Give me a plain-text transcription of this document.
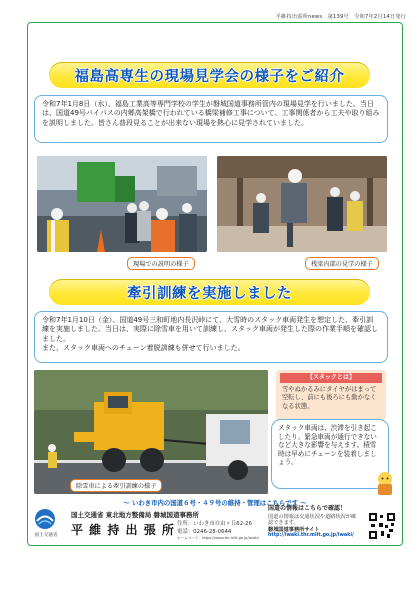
平維持出張所news　第139号　令和7年2月14日発行
福島高専生の現場見学会の様子をご紹介
令和7年1月8日（水）、福島工業高等専門学校の学生が磐城国道事務所管内の現場見学を行いました。当日は、国道49号バイパスの内郷高架橋で行われている橋梁補修工事について、工事関係者から工夫や取り組みを説明しました。皆さん普段見ることが出来ない現場を熱心に見学されていました。
現場での説明の様子	桟梁内部の見学の様子
牽引訓練を実施しました
令和7年1月10日（金）、国道49号三和町地内長沢峠にて、大雪時のスタック車両発生を想定した、牽引訓練を実施しました。当日は、実際に除雪車を用いて訓練し、スタック車両が発生した際の作業手順を確認しました。
また、スタック車両へのチェーン着脱訓練も併せて行いました。
除雪車による牽引訓練の様子
【スタックとは】
雪やぬかるみにタイヤがはまって空転し、前にも後ろにも動かなくなる状態。
スタック車両は、渋滞を引き起こしたり、緊急車両が通行できないなど大きな影響を与えます。積雪時は早めにチェーンを装着しましょう。
～ いわき市内の国道６号・４９号の維持・管理はこちらです ～
国土交通省
国土交通省 東北地方整備局 磐城国道事務所
平 維 持 出 張 所 住所：いわき市自由ヶ丘62-26
電話：0246-28-0644
ホームページ：https://www.thr.mlit.go.jp/iwaki/
国道の情報はこちらで確認！
国道の情報は交通状況や道路状況が確認できます。
磐城国道事務所サイト
http://iwaki.thr.mlit.go.jp/iwaki/
